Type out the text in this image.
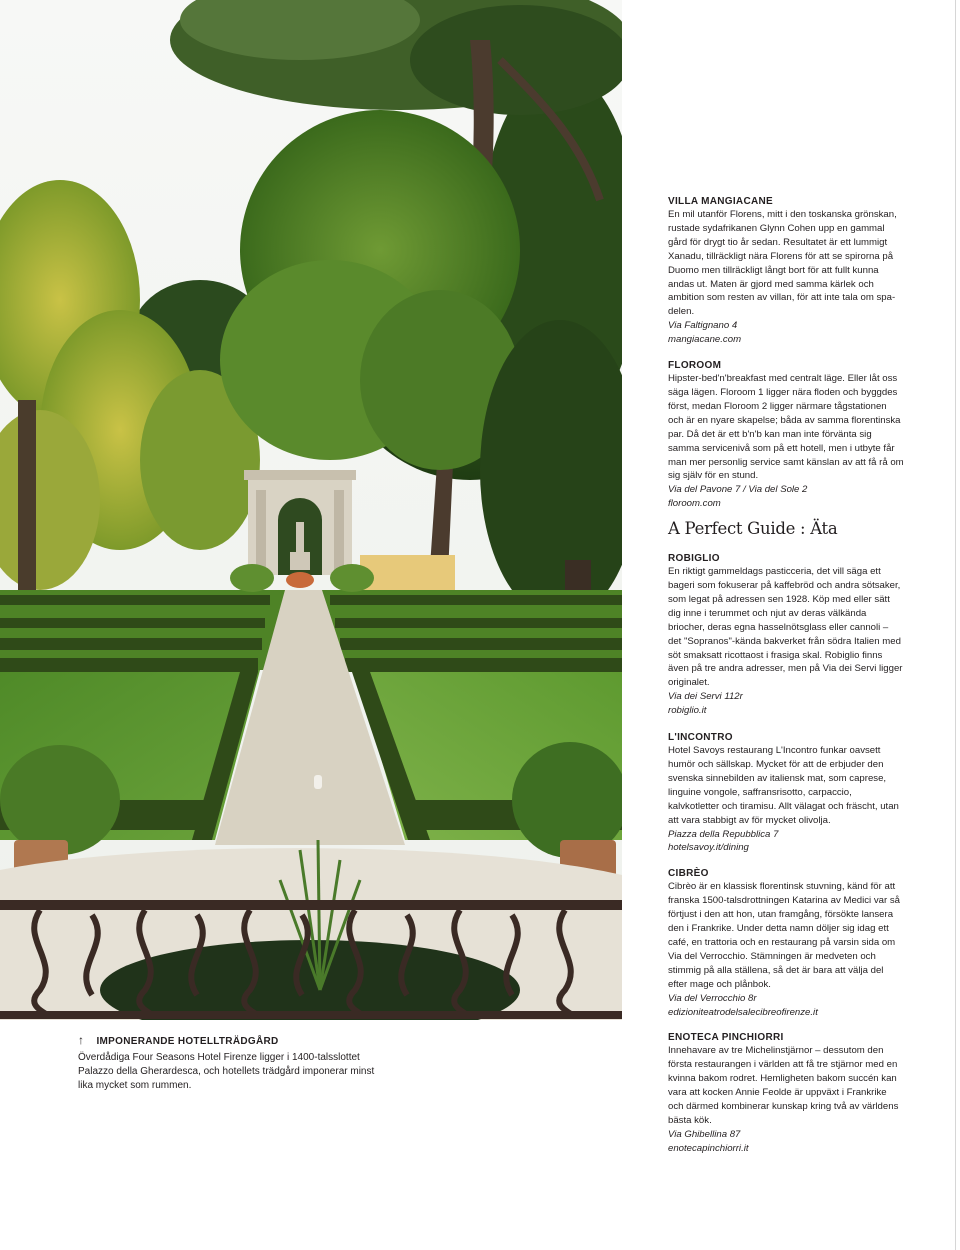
↑ IMPONERANDE HOTELLTRÄDGÅRD

Överdådiga Four Seasons Hotel Firenze ligger i 1400-talsslottet Palazzo della Gherardesca, och hotellets trädgård imponerar minst lika mycket som rummen.

VILLA MANGIACANE

En mil utanför Florens, mitt i den toskanska grönskan, rustade sydafrikanen Glynn Cohen upp en gammal gård för drygt tio år sedan. Resultatet är ett lummigt Xanadu, tillräckligt nära Florens för att se spirorna på Duomo men tillräckligt långt bort för att fullt kunna andas ut. Maten är gjord med samma kärlek och ambition som resten av villan, för att inte tala om spa-delen.

Via Faltignano 4
mangiacane.com
FLOROOM

Hipster-bed'n'breakfast med centralt läge. Eller låt oss säga lägen. Floroom 1 ligger nära floden och byggdes först, medan Floroom 2 ligger närmare tågstationen och är en nyare skapelse; båda av samma florentinska par. Då det är ett b'n'b kan man inte förvänta sig samma servicenivå som på ett hotell, men i utbyte får man mer personlig service samt känslan av att få rå om sig själv för en stund.

Via del Pavone 7 / Via del Sole 2
floroom.com
A Perfect Guide : Äta
ROBIGLIO

En riktigt gammeldags pasticceria, det vill säga ett bageri som fokuserar på kaffebröd och andra sötsaker, som legat på adressen sen 1928. Köp med eller sätt dig inne i terummet och njut av deras välkända briocher, deras egna hasselnötsglass eller cannoli – det "Sopranos"-kända bakverket från södra Italien med söt smaksatt ricottaost i frasiga skal. Robiglio finns även på tre andra adresser, men på Via dei Servi ligger originalet.

Via dei Servi 112r
robiglio.it
L'INCONTRO

Hotel Savoys restaurang L'Incontro funkar oavsett humör och sällskap. Mycket för att de erbjuder den svenska sinnebilden av italiensk mat, som caprese, linguine vongole, saffransrisotto, carpaccio, kalvkotletter och tiramisu. Allt välagat och fräscht, utan att vara stabbigt av för mycket olivolja.

Piazza della Repubblica 7
hotelsavoy.it/dining
CIBRÈO

Cibrèo är en klassisk florentinsk stuvning, känd för att franska 1500-talsdrottningen Katarina av Medici var så förtjust i den att hon, utan framgång, försökte lansera den i Frankrike. Under detta namn döljer sig idag ett café, en trattoria och en restaurang på varsin sida om Via del Verrocchio. Stämningen är medveten och stimmig på alla ställena, så det är bara att välja del efter mage och plånbok.

Via del Verrocchio 8r
edizioniteatrodelsalecibreofirenze.it
ENOTECA PINCHIORRI

Innehavare av tre Michelinstjärnor – dessutom den första restaurangen i världen att få tre stjärnor med en kvinna bakom rodret. Hemligheten bakom succén kan vara att kocken Annie Feolde är uppväxt i Frankrike och därmed kombinerar kunskap kring två av världens bästa kök.

Via Ghibellina 87
enotecapinchiorri.it
